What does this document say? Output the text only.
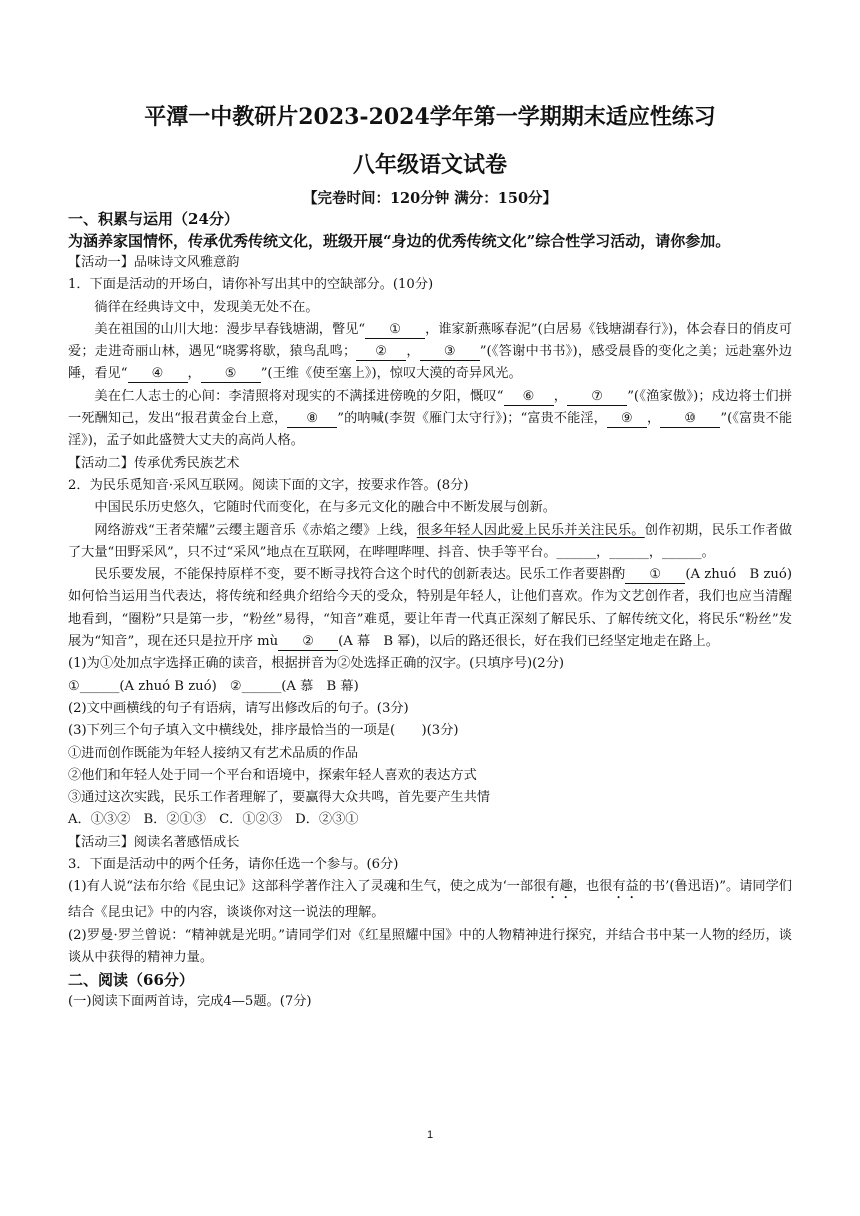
平潭一中教研片2023-2024学年第一学期期末适应性练习
八年级语文试卷
【完卷时间：120分钟 满分：150分】

一、积累与运用（24分）

为涵养家国情怀，传承优秀传统文化，班级开展“身边的优秀传统文化”综合性学习活动，请你参加。

【活动一】品味诗文风雅意韵

1．下面是活动的开场白，请你补写出其中的空缺部分。(10分)

徜徉在经典诗文中，发现美无处不在。

美在祖国的山川大地：漫步早春钱塘湖，瞥见“ ① ，谁家新燕啄春泥”(白居易《钱塘湖春行》)，体会春日的俏皮可爱；走进奇丽山林，遇见“晓雾将歇，猿鸟乱鸣； ② ， ③ ”(《答谢中书书》)，感受晨昏的变化之美；远赴塞外边陲，看见“ ④ ， ⑤ ”(王维《使至塞上》)，惊叹大漠的奇异风光。

美在仁人志士的心间：李清照将对现实的不满揉进傍晚的夕阳，慨叹“ ⑥ ， ⑦ ”(《渔家傲》)；戍边将士们拼一死酬知己，发出“报君黄金台上意， ⑧ ”的呐喊(李贺《雁门太守行》)；“富贵不能淫， ⑨ ， ⑩ ”(《富贵不能淫》)，孟子如此盛赞大丈夫的高尚人格。

【活动二】传承优秀民族艺术

2．为民乐觅知音·采风互联网。阅读下面的文字，按要求作答。(8分)

中国民乐历史悠久，它随时代而变化，在与多元文化的融合中不断发展与创新。

网络游戏“王者荣耀”云缨主题音乐《赤焰之缨》上线，很多年轻人因此爱上民乐并关注民乐。创作初期，民乐工作者做了大量“田野采风”，只不过“采风”地点在互联网，在哔哩哔哩、抖音、快手等平台。______，______，______。

民乐要发展，不能保持原样不变，要不断寻找符合这个时代的创新表达。民乐工作者要斟酌 ① (A zhuó　B zuó)如何恰当运用当代表达，将传统和经典介绍给今天的受众，特别是年轻人，让他们喜欢。作为文艺创作者，我们也应当清醒地看到，“圈粉”只是第一步，“粉丝”易得，“知音”难觅，要让年青一代真正深刻了解民乐、了解传统文化，将民乐“粉丝”发展为“知音”，现在还只是拉开序 mù ② (A 幕　B 幂)，以后的路还很长，好在我们已经坚定地走在路上。

(1)为①处加点字选择正确的读音，根据拼音为②处选择正确的汉字。(只填序号)(2分)

①______(A zhuó B zuó)　②______(A 慕　B 幕)

(2)文中画横线的句子有语病，请写出修改后的句子。(3分)

(3)下列三个句子填入文中横线处，排序最恰当的一项是(　　)(3分)

①进而创作既能为年轻人接纳又有艺术品质的作品

②他们和年轻人处于同一个平台和语境中，探索年轻人喜欢的表达方式

③通过这次实践，民乐工作者理解了，要赢得大众共鸣，首先要产生共情

A．①③②　B．②①③　C．①②③　D．②③①

【活动三】阅读名著感悟成长

3．下面是活动中的两个任务，请你任选一个参与。(6分)

(1)有人说“法布尔给《昆虫记》这部科学著作注入了灵魂和生气，使之成为‘一部很有趣，也很有益的书’(鲁迅语)”。请同学们结合《昆虫记》中的内容，谈谈你对这一说法的理解。

(2)罗曼·罗兰曾说：“精神就是光明。”请同学们对《红星照耀中国》中的人物精神进行探究，并结合书中某一人物的经历，谈谈从中获得的精神力量。

二、阅读（66分）

(一)阅读下面两首诗，完成4—5题。(7分)

1
